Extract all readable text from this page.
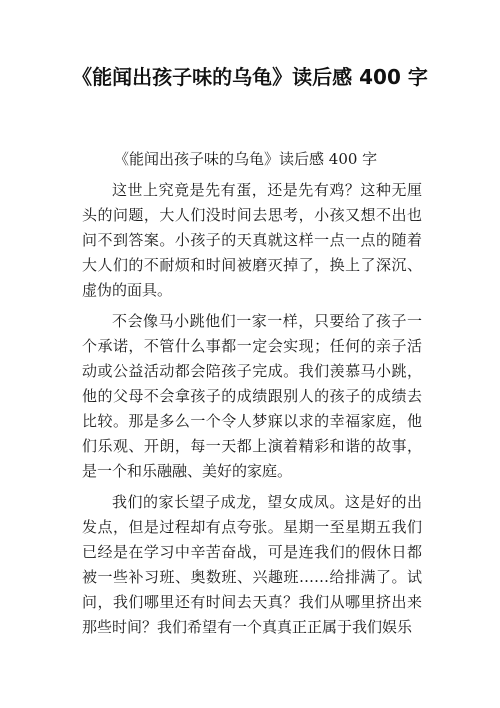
《能闻出孩子味的乌龟》读后感 400 字

《能闻出孩子味的乌龟》读后感 400 字

这世上究竟是先有蛋，还是先有鸡？这种无厘头的问题，大人们没时间去思考，小孩又想不出也问不到答案。小孩子的天真就这样一点一点的随着大人们的不耐烦和时间被磨灭掉了，换上了深沉、虚伪的面具。

不会像马小跳他们一家一样，只要给了孩子一个承诺，不管什么事都一定会实现；任何的亲子活动或公益活动都会陪孩子完成。我们羡慕马小跳，他的父母不会拿孩子的成绩跟别人的孩子的成绩去比较。那是多么一个令人梦寐以求的幸福家庭，他们乐观、开朗，每一天都上演着精彩和谐的故事，是一个和乐融融、美好的家庭。

我们的家长望子成龙，望女成凤。这是好的出发点，但是过程却有点夸张。星期一至星期五我们已经是在学习中辛苦奋战，可是连我们的假休日都被一些补习班、奥数班、兴趣班……给排满了。试问，我们哪里还有时间去天真？我们从哪里挤出来那些时间？我们希望有一个真真正正属于我们娱乐
